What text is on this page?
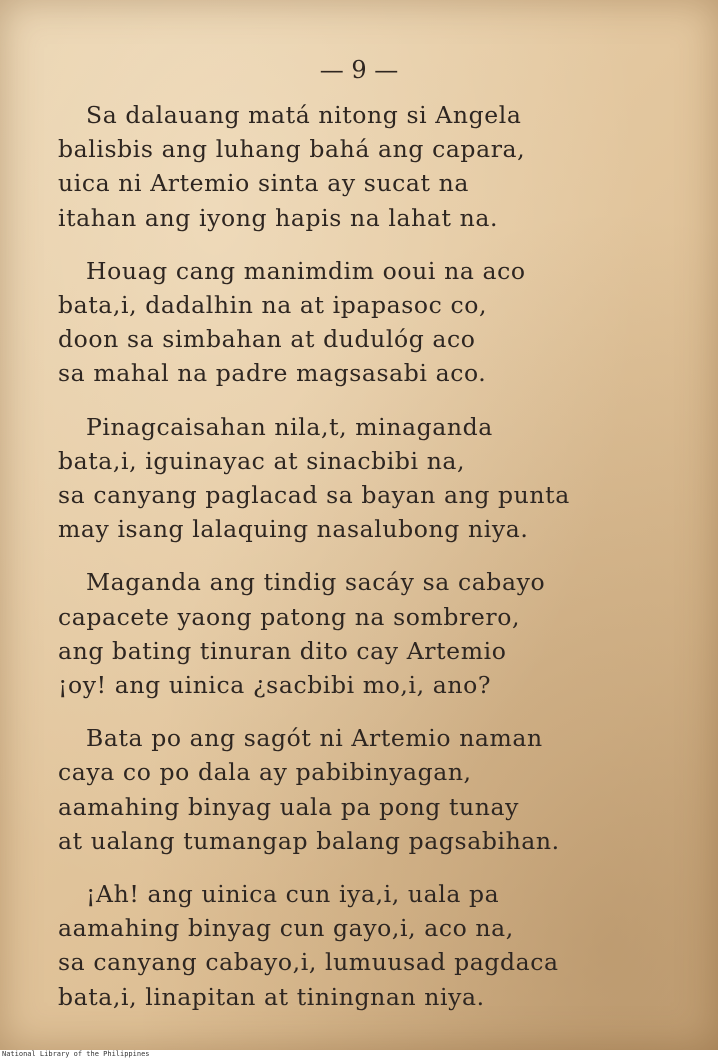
— 9 —
Sa dalauang matá nitong si Angela
balisbis ang luhang bahá ang capara,
uica ni Artemio sinta ay sucat na
itahan ang iyong hapis na lahat na.
Houag cang manimdim ooui na aco
bata,i, dadalhin na at ipapasoc co,
doon sa simbahan at dudulóg aco
sa mahal na padre magsasabi aco.
Pinagcaisahan nila,t, minaganda
bata,i, iguinayac at sinacbibi na,
sa canyang paglacad sa bayan ang punta
may isang lalaquing nasalubong niya.
Maganda ang tindig sacáy sa cabayo
capacete yaong patong na sombrero,
ang bating tinuran dito cay Artemio
¡oy! ang uinica ¿sacbibi mo,i, ano?
Bata po ang sagót ni Artemio naman
caya co po dala ay pabibinyagan,
aamahing binyag uala pa pong tunay
at ualang tumangap balang pagsabihan.
¡Ah! ang uinica cun iya,i, uala pa
aamahing binyag cun gayo,i, aco na,
sa canyang cabayo,i, lumuusad pagdaca
bata,i, linapitan at tiningnan niya.
National Library of the Philippines
